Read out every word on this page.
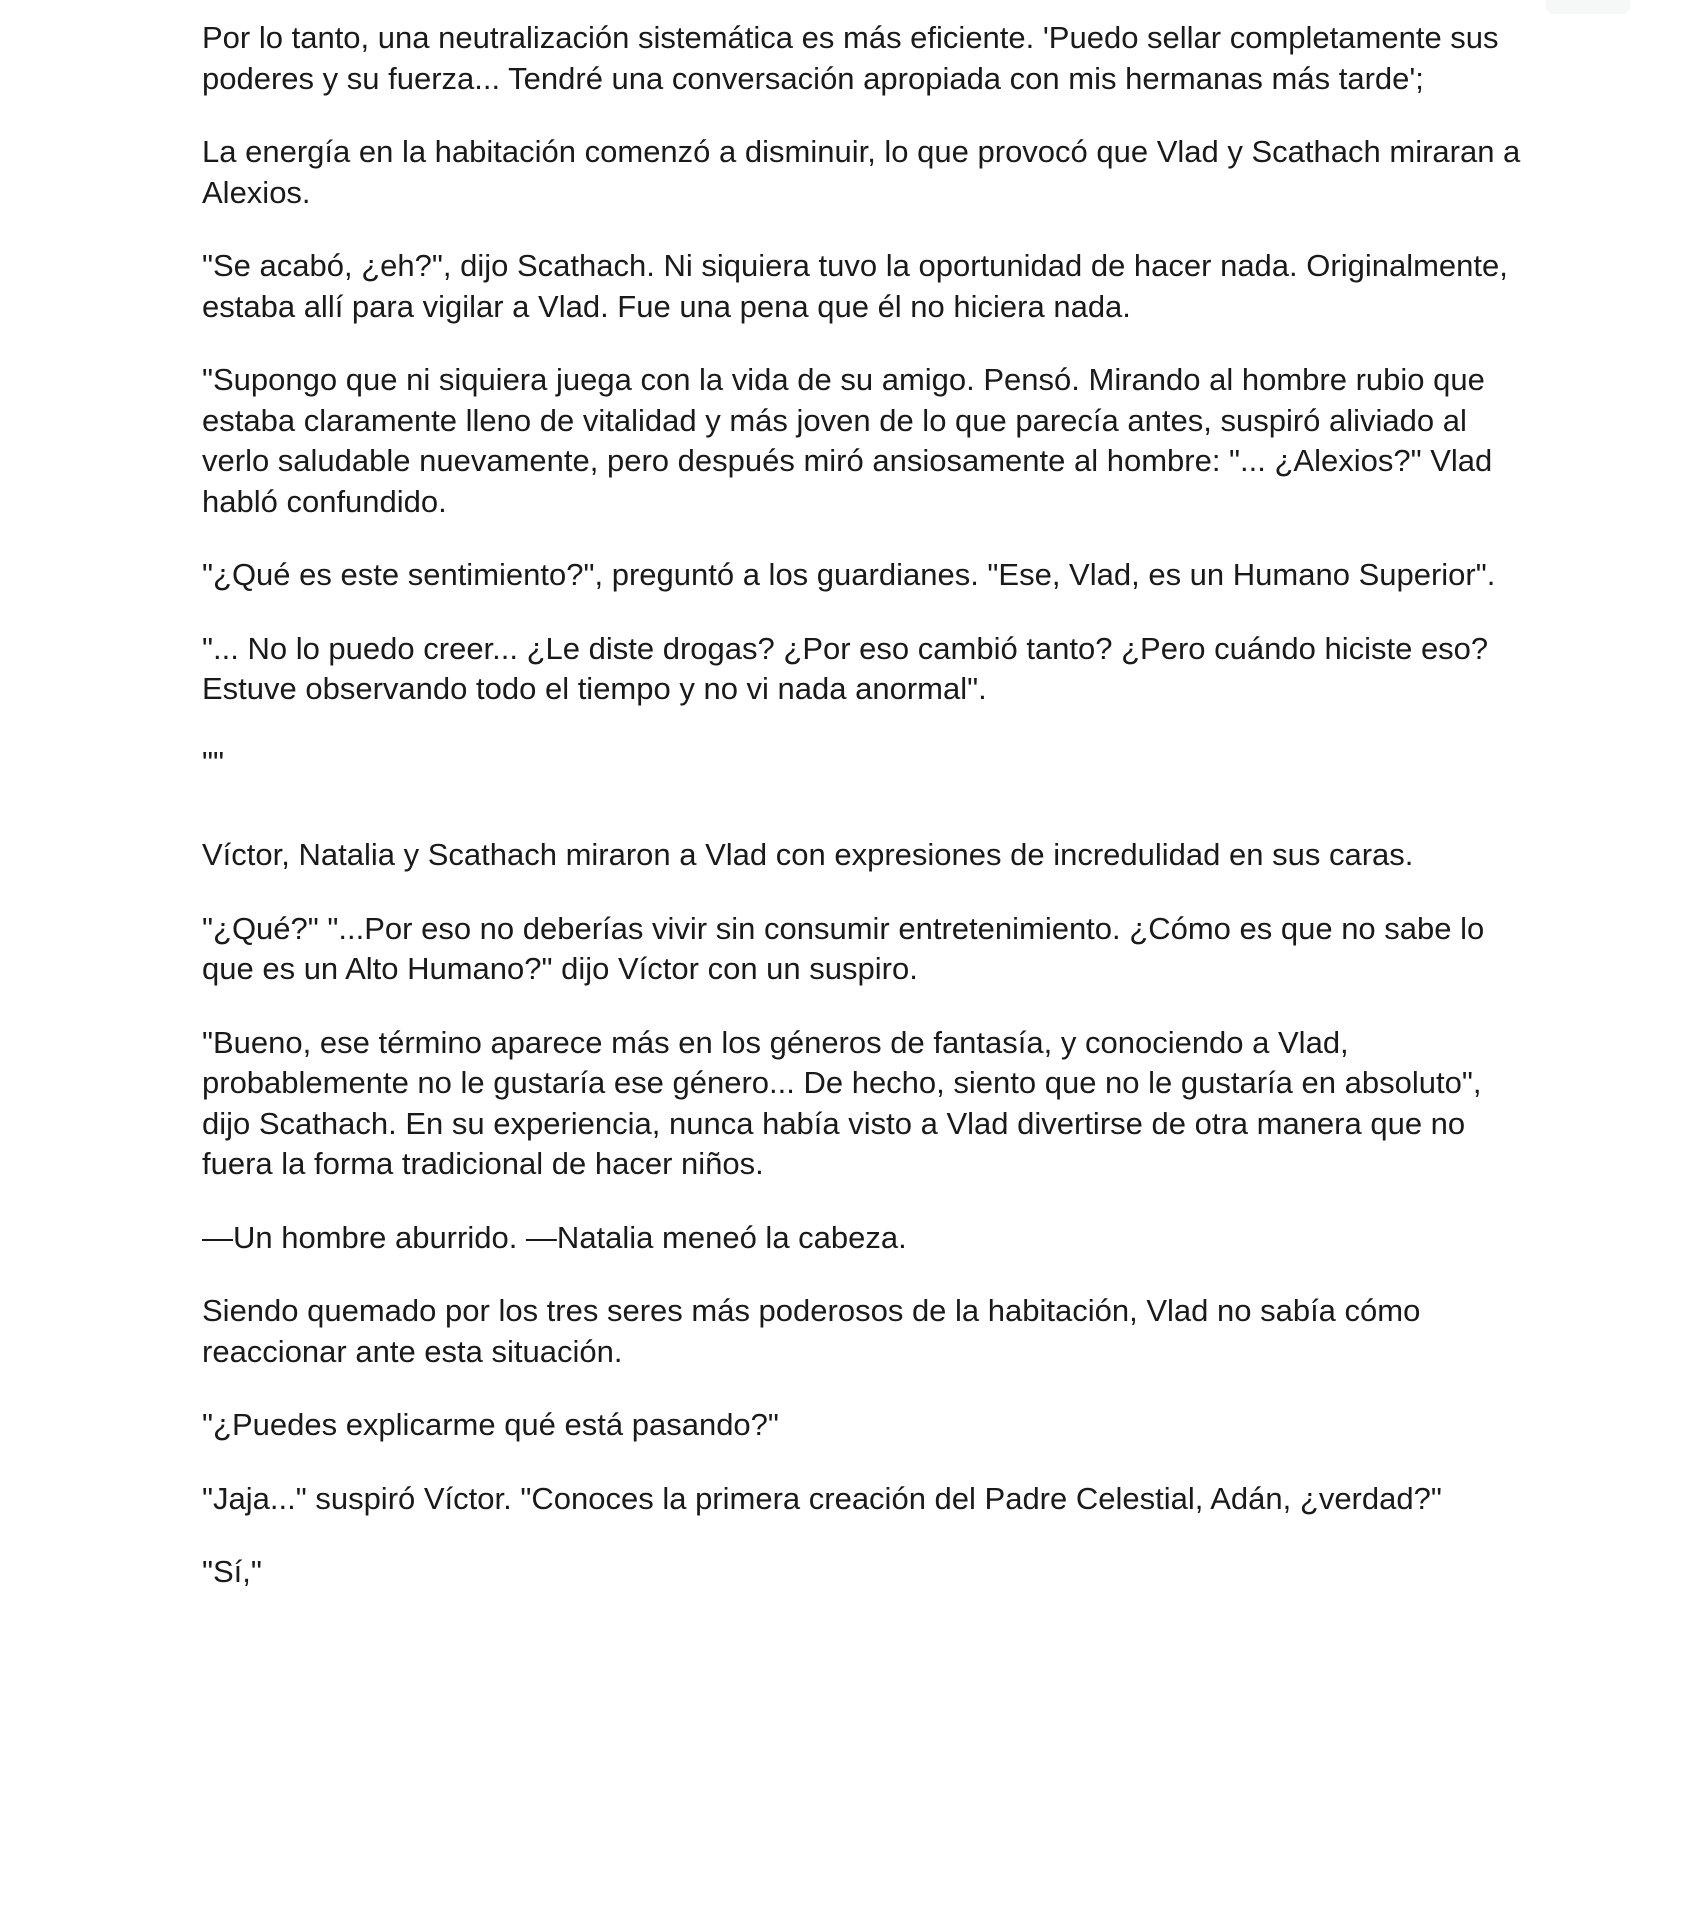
Por lo tanto, una neutralización sistemática es más eficiente. 'Puedo sellar completamente sus poderes y su fuerza... Tendré una conversación apropiada con mis hermanas más tarde';

La energía en la habitación comenzó a disminuir, lo que provocó que Vlad y Scathach miraran a Alexios.

"Se acabó, ¿eh?", dijo Scathach. Ni siquiera tuvo la oportunidad de hacer nada. Originalmente, estaba allí para vigilar a Vlad. Fue una pena que él no hiciera nada.

"Supongo que ni siquiera juega con la vida de su amigo. Pensó. Mirando al hombre rubio que estaba claramente lleno de vitalidad y más joven de lo que parecía antes, suspiró aliviado al verlo saludable nuevamente, pero después miró ansiosamente al hombre: "... ¿Alexios?" Vlad habló confundido.

"¿Qué es este sentimiento?", preguntó a los guardianes. "Ese, Vlad, es un Humano Superior".

"... No lo puedo creer... ¿Le diste drogas? ¿Por eso cambió tanto? ¿Pero cuándo hiciste eso? Estuve observando todo el tiempo y no vi nada anormal".

""

Víctor, Natalia y Scathach miraron a Vlad con expresiones de incredulidad en sus caras.

"¿Qué?" "...Por eso no deberías vivir sin consumir entretenimiento. ¿Cómo es que no sabe lo que es un Alto Humano?" dijo Víctor con un suspiro.

"Bueno, ese término aparece más en los géneros de fantasía, y conociendo a Vlad, probablemente no le gustaría ese género... De hecho, siento que no le gustaría en absoluto", dijo Scathach. En su experiencia, nunca había visto a Vlad divertirse de otra manera que no fuera la forma tradicional de hacer niños.

—Un hombre aburrido. —Natalia meneó la cabeza.

Siendo quemado por los tres seres más poderosos de la habitación, Vlad no sabía cómo reaccionar ante esta situación.

"¿Puedes explicarme qué está pasando?"

"Jaja..." suspiró Víctor. "Conoces la primera creación del Padre Celestial, Adán, ¿verdad?"

"Sí,"
